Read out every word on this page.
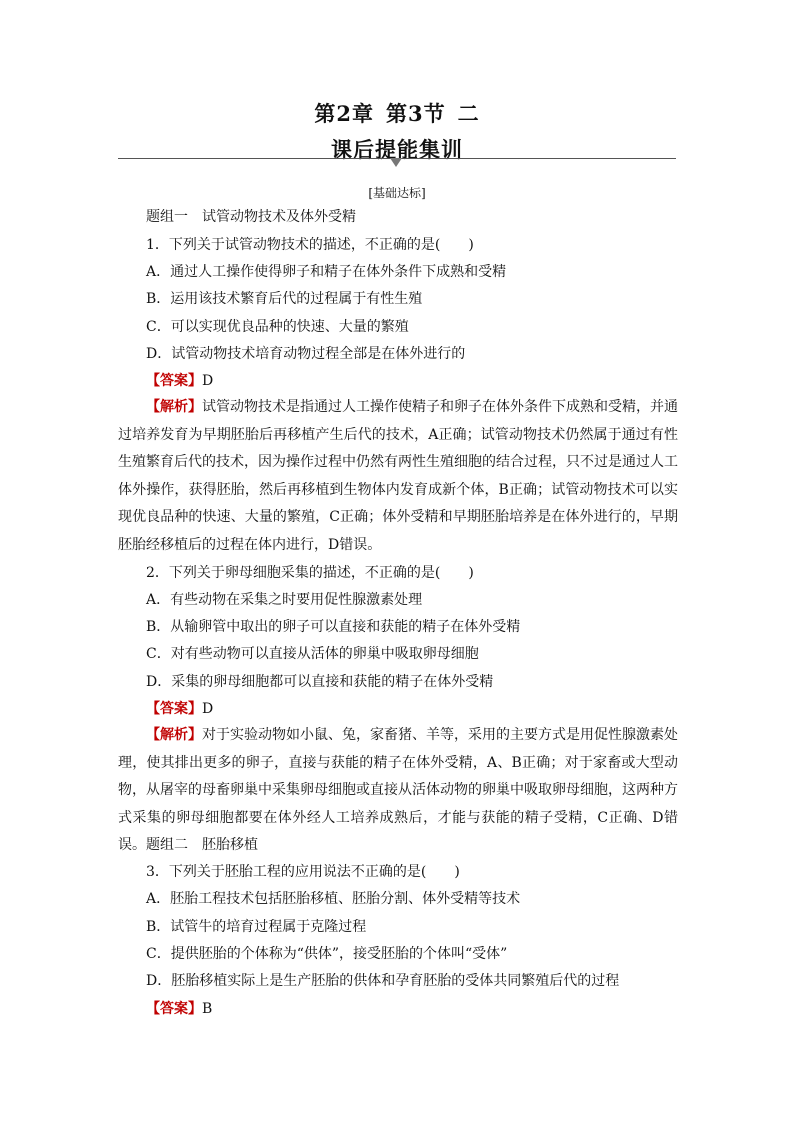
第2章 第3节 二
课后提能集训
[基础达标]
题组一　试管动物技术及体外受精
1．下列关于试管动物技术的描述，不正确的是(　　)
A．通过人工操作使得卵子和精子在体外条件下成熟和受精
B．运用该技术繁育后代的过程属于有性生殖
C．可以实现优良品种的快速、大量的繁殖
D．试管动物技术培育动物过程全部是在体外进行的
【答案】D
【解析】试管动物技术是指通过人工操作使精子和卵子在体外条件下成熟和受精，并通过培养发育为早期胚胎后再移植产生后代的技术，A正确；试管动物技术仍然属于通过有性生殖繁育后代的技术，因为操作过程中仍然有两性生殖细胞的结合过程，只不过是通过人工体外操作，获得胚胎，然后再移植到生物体内发育成新个体，B正确；试管动物技术可以实现优良品种的快速、大量的繁殖，C正确；体外受精和早期胚胎培养是在体外进行的，早期胚胎经移植后的过程在体内进行，D错误。
2．下列关于卵母细胞采集的描述，不正确的是(　　)
A．有些动物在采集之时要用促性腺激素处理
B．从输卵管中取出的卵子可以直接和获能的精子在体外受精
C．对有些动物可以直接从活体的卵巢中吸取卵母细胞
D．采集的卵母细胞都可以直接和获能的精子在体外受精
【答案】D
【解析】对于实验动物如小鼠、兔，家畜猪、羊等，采用的主要方式是用促性腺激素处理，使其排出更多的卵子，直接与获能的精子在体外受精，A、B正确；对于家畜或大型动物，从屠宰的母畜卵巢中采集卵母细胞或直接从活体动物的卵巢中吸取卵母细胞，这两种方式采集的卵母细胞都要在体外经人工培养成熟后，才能与获能的精子受精，C正确、D错误。 题组二　胚胎移植
3．下列关于胚胎工程的应用说法不正确的是(　　)
A．胚胎工程技术包括胚胎移植、胚胎分割、体外受精等技术
B．试管牛的培育过程属于克隆过程
C．提供胚胎的个体称为“供体”，接受胚胎的个体叫“受体”
D．胚胎移植实际上是生产胚胎的供体和孕育胚胎的受体共同繁殖后代的过程
【答案】B
